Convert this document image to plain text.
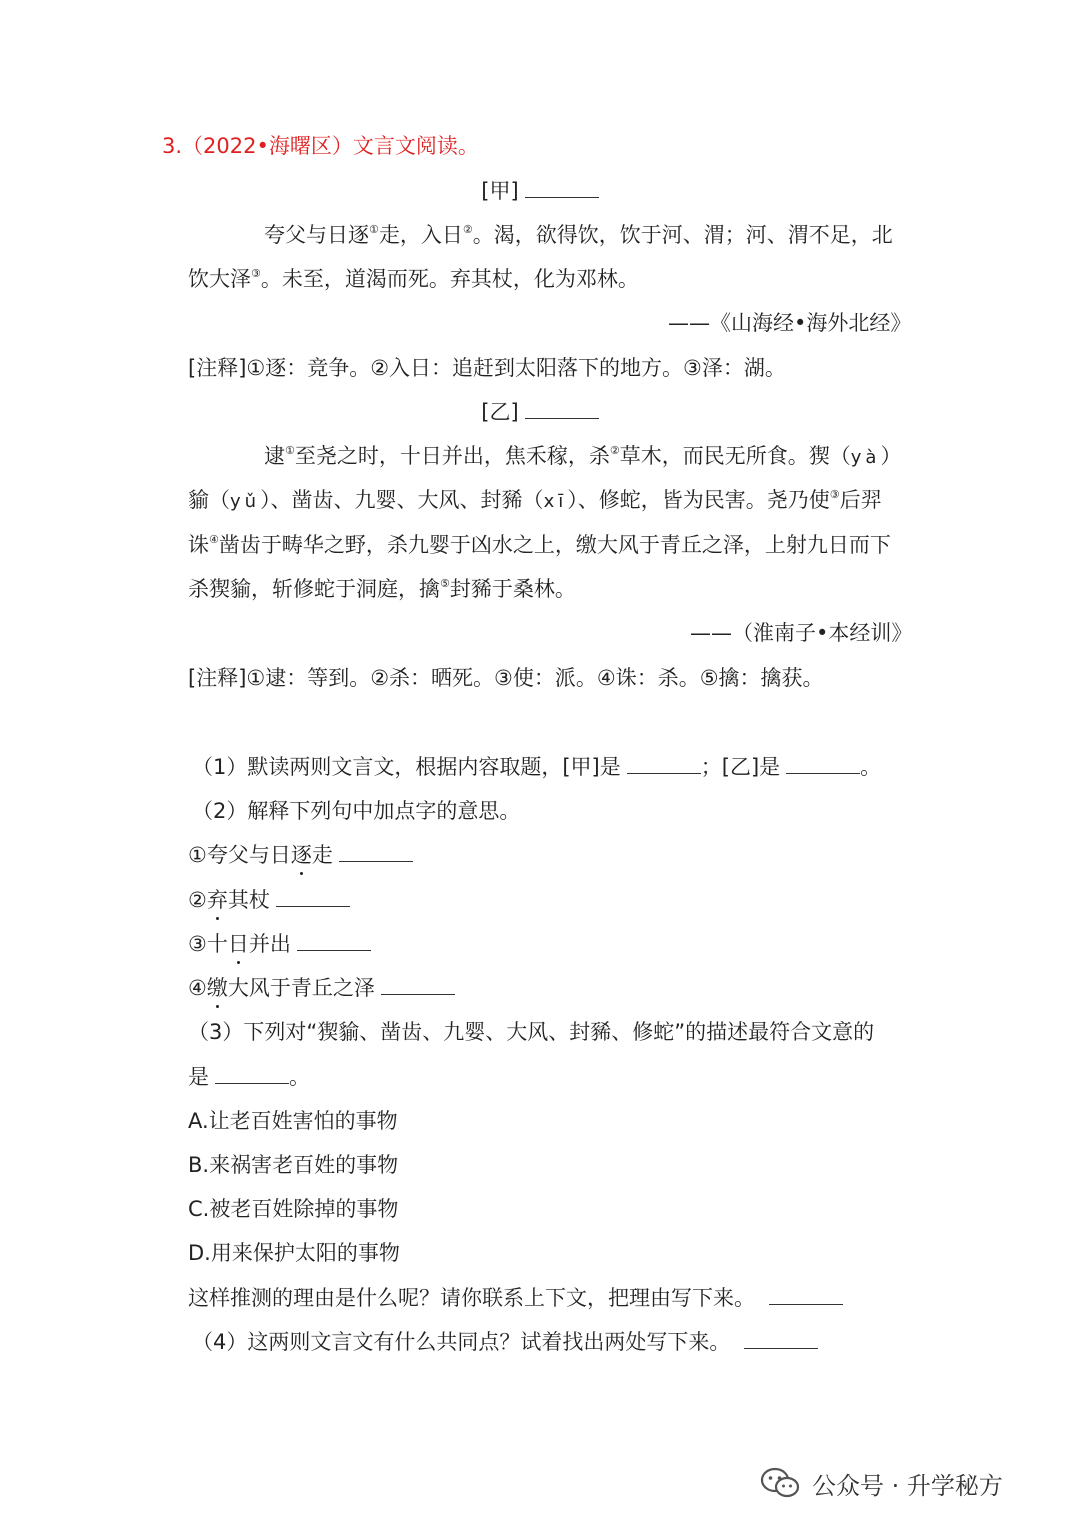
3.（2022•海曙区）文言文阅读。
[甲]
夸父与日逐①走，入日②。渴，欲得饮，饮于河、渭；河、渭不足，北
饮大泽③。未至，道渴而死。弃其杖，化为邓林。
——《山海经•海外北经》
[注释]①逐：竞争。②入日：追赶到太阳落下的地方。③泽：湖。
[乙]
逮①至尧之时，十日并出，焦禾稼，杀②草木，而民无所食。猰（yà）
貐（yǔ）、凿齿、九婴、大风、封豨（xī）、修蛇，皆为民害。尧乃使③后羿
诛④凿齿于畴华之野，杀九婴于凶水之上，缴大风于青丘之泽，上射九日而下
杀猰貐，斩修蛇于洞庭，擒⑤封豨于桑林。
——（淮南子•本经训》
[注释]①逮：等到。②杀：晒死。③使：派。④诛：杀。⑤擒：擒获。
（1）默读两则文言文，根据内容取题，[甲]是	；[乙]是	。
（2）解释下列句中加点字的意思。
①夸父与日逐走
②弃其杖
③十日并出
④缴大风于青丘之泽
（3）下列对“猰貐、凿齿、九婴、大风、封豨、修蛇”的描述最符合文意的
是	。
A.让老百姓害怕的事物
B.来祸害老百姓的事物
C.被老百姓除掉的事物
D.用来保护太阳的事物
这样推测的理由是什么呢？请你联系上下文，把理由写下来。
（4）这两则文言文有什么共同点？试着找出两处写下来。
公众号 · 升学秘方
